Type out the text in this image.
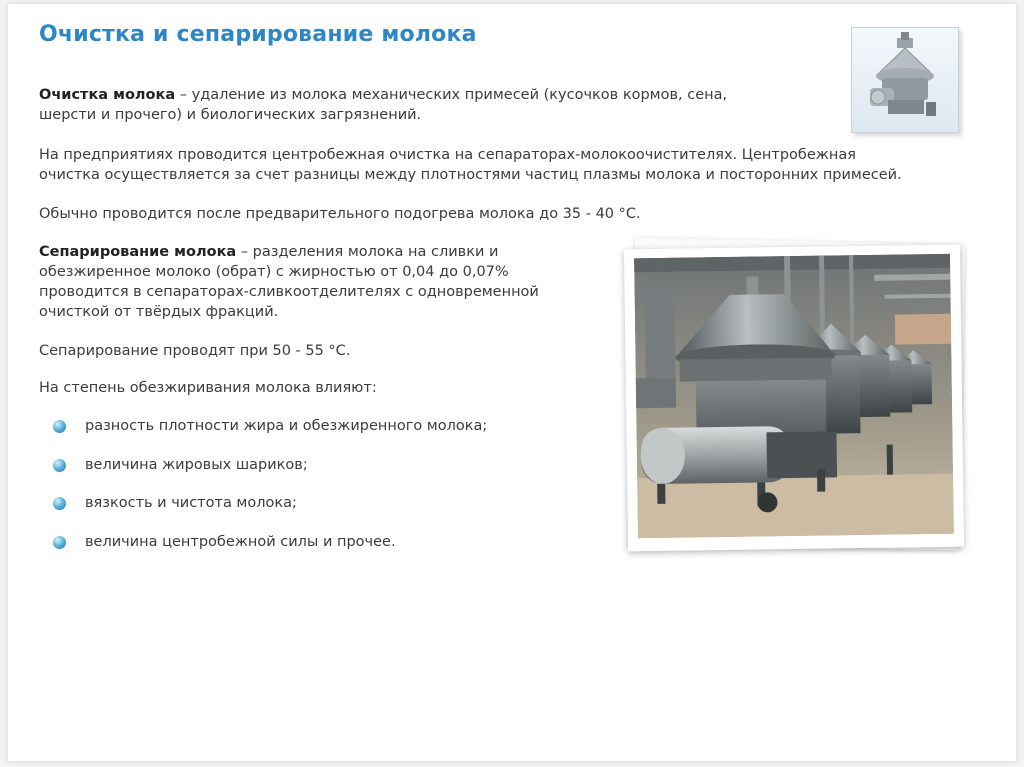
Очистка и сепарирование молока
Очистка молока – удаление из молока механических примесей (кусочков кормов, сена,
шерсти и прочего) и биологических загрязнений.
На предприятиях проводится центробежная очистка на сепараторах-молокоочистителях. Центробежная
очистка осуществляется за счет разницы между плотностями частиц плазмы молока и посторонних примесей.
Обычно проводится после предварительного подогрева молока до 35 - 40 °С.
Сепарирование молока – разделения молока на сливки и
обезжиренное молоко (обрат) с жирностью от 0,04 до 0,07%
проводится в сепараторах-сливкоотделителях с одновременной
очисткой от твёрдых фракций.
Сепарирование проводят при 50 - 55 °С.
На степень обезжиривания молока влияют:
разность плотности жира и обезжиренного молока;
величина жировых шариков;
вязкость и чистота молока;
величина центробежной силы и прочее.
